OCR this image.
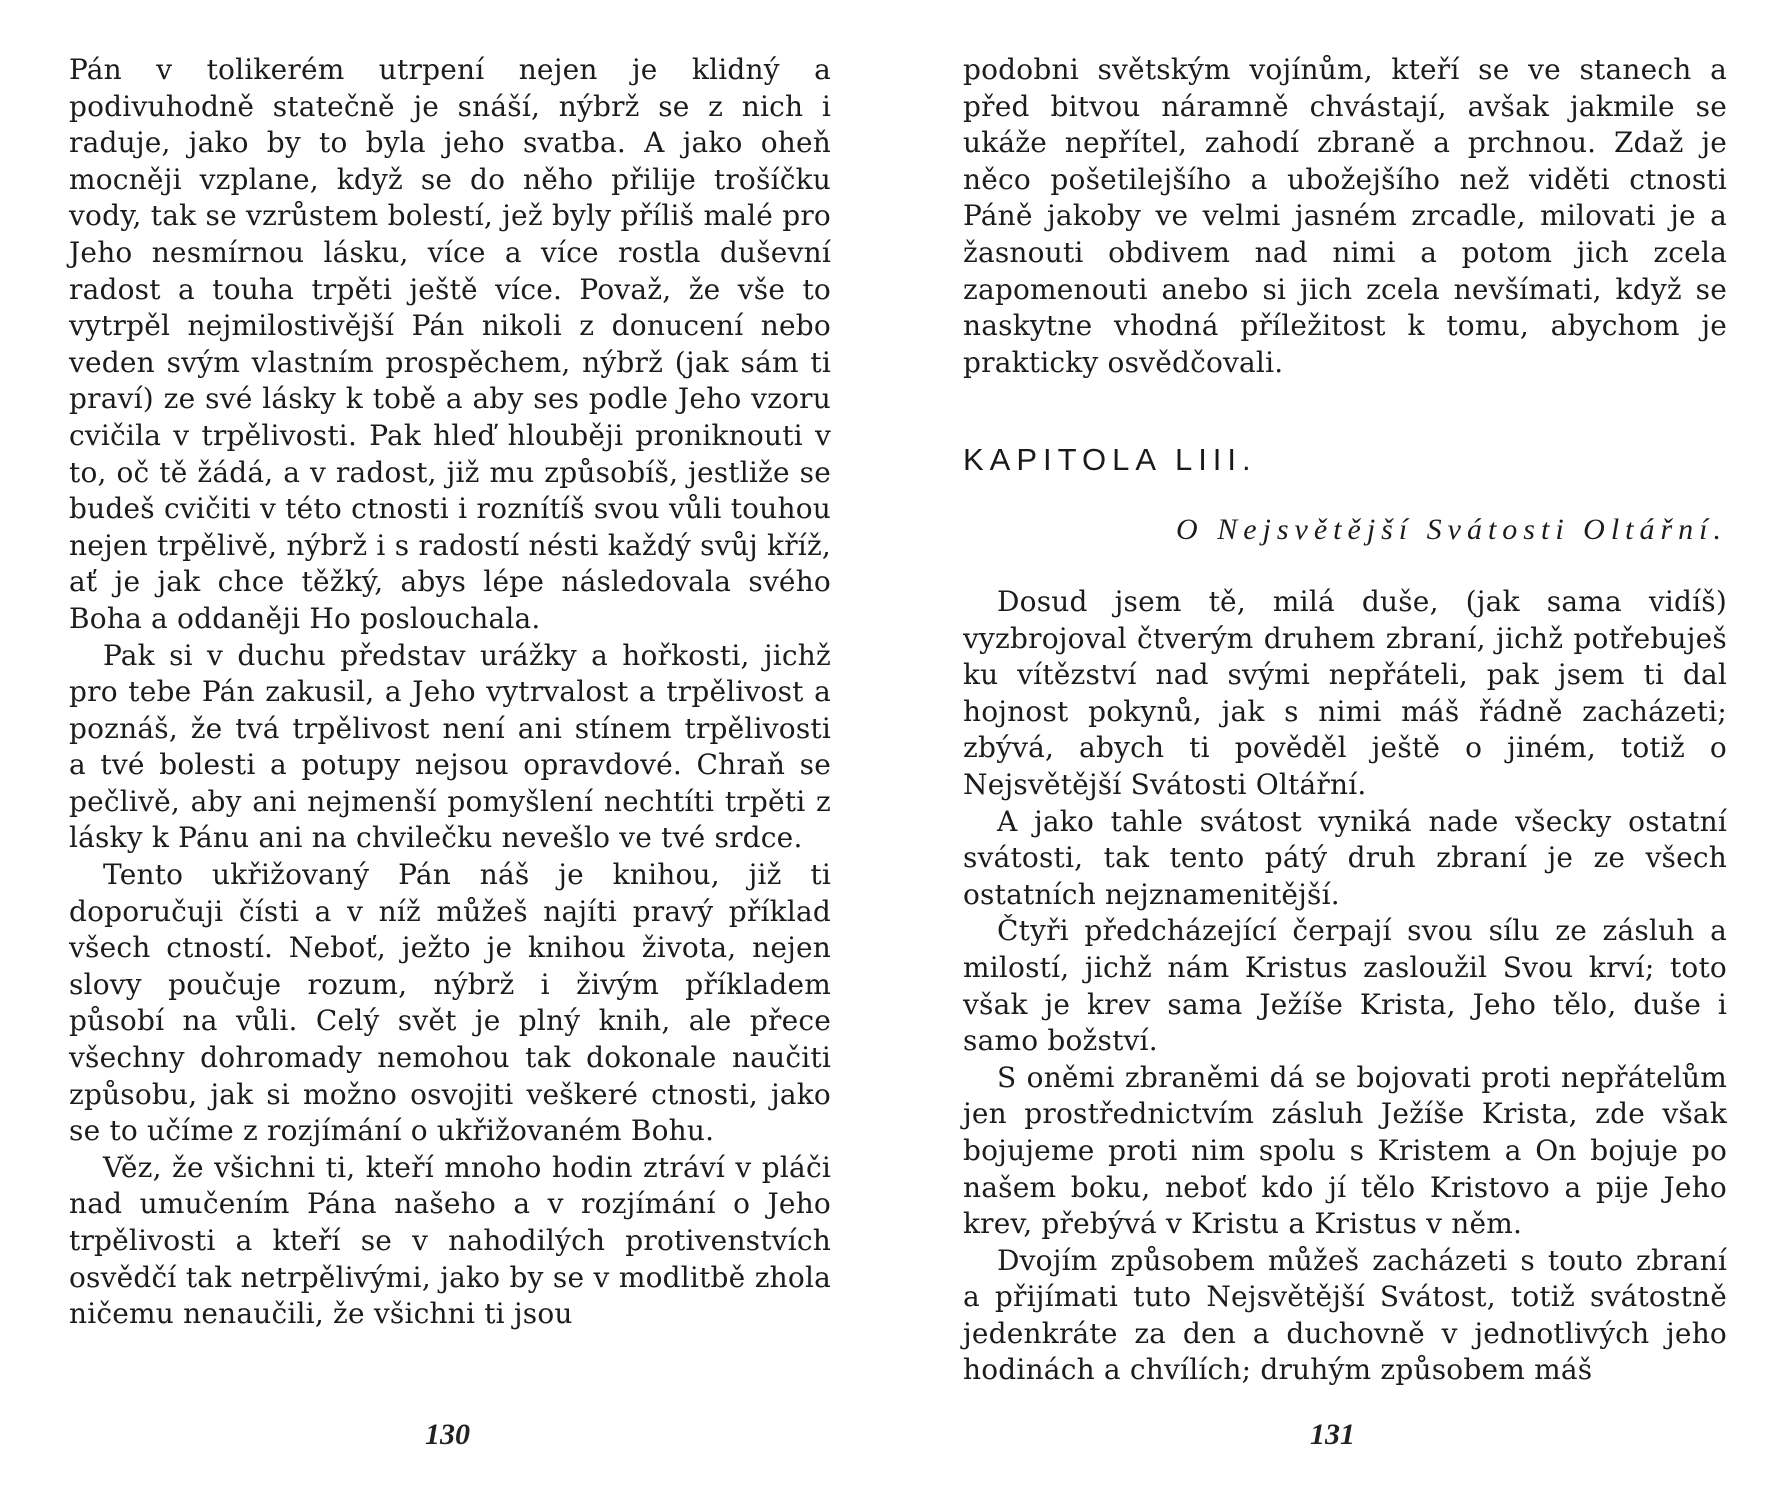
Pán v tolikerém utrpení nejen je klidný a podivuhodně statečně je snáší, nýbrž se z nich i raduje, jako by to byla jeho svatba. A jako oheň mocněji vzplane, když se do něho přilije trošíčku vody, tak se vzrůstem bolestí, jež byly příliš malé pro Jeho nesmírnou lásku, více a více rostla duševní radost a touha trpěti ještě více. Považ, že vše to vytrpěl nejmilostivější Pán nikoli z donucení nebo veden svým vlastním prospěchem, nýbrž (jak sám ti praví) ze své lásky k tobě a aby ses podle Jeho vzoru cvičila v trpělivosti. Pak hleď hlouběji proniknouti v to, oč tě žádá, a v radost, již mu způsobíš, jestliže se budeš cvičiti v této ctnosti i roznítíš svou vůli touhou nejen trpělivě, nýbrž i s radostí nésti každý svůj kříž, ať je jak chce těžký, abys lépe následovala svého Boha a oddaněji Ho poslouchala.

Pak si v duchu představ urážky a hořkosti, jichž pro tebe Pán zakusil, a Jeho vytrvalost a trpělivost a poznáš, že tvá trpělivost není ani stínem trpělivosti a tvé bolesti a potupy nejsou opravdové. Chraň se pečlivě, aby ani nejmenší pomyšlení nechtíti trpěti z lásky k Pánu ani na chvilečku nevešlo ve tvé srdce.

Tento ukřižovaný Pán náš je knihou, již ti doporučuji čísti a v níž můžeš najíti pravý příklad všech ctností. Neboť, ježto je knihou života, nejen slovy poučuje rozum, nýbrž i živým příkladem působí na vůli. Celý svět je plný knih, ale přece všechny dohromady nemohou tak dokonale naučiti způsobu, jak si možno osvojiti veškeré ctnosti, jako se to učíme z rozjímání o ukřižovaném Bohu.

Věz, že všichni ti, kteří mnoho hodin ztráví v pláči nad umučením Pána našeho a v rozjímání o Jeho trpělivosti a kteří se v nahodilých protivenstvích osvědčí tak netrpělivými, jako by se v modlitbě zhola ničemu nenaučili, že všichni ti jsou

130

podobni světským vojínům, kteří se ve stanech a před bitvou náramně chvástají, avšak jakmile se ukáže nepřítel, zahodí zbraně a prchnou. Zdaž je něco pošetilejšího a ubožejšího než viděti ctnosti Páně jakoby ve velmi jasném zrcadle, milovati je a žasnouti obdivem nad nimi a potom jich zcela zapomenouti anebo si jich zcela nevšímati, když se naskytne vhodná příležitost k tomu, abychom je prakticky osvědčovali.

KAPITOLA LIII.
O Nejsvětější Svátosti Oltářní.

Dosud jsem tě, milá duše, (jak sama vidíš) vyzbrojoval čtverým druhem zbraní, jichž potřebuješ ku vítězství nad svými nepřáteli, pak jsem ti dal hojnost pokynů, jak s nimi máš řádně zacházeti; zbývá, abych ti pověděl ještě o jiném, totiž o Nejsvětější Svátosti Oltářní.

A jako tahle svátost vyniká nade všecky ostatní svátosti, tak tento pátý druh zbraní je ze všech ostatních nejznamenitější.

Čtyři předcházející čerpají svou sílu ze zásluh a milostí, jichž nám Kristus zasloužil Svou krví; toto však je krev sama Ježíše Krista, Jeho tělo, duše i samo božství.

S oněmi zbraněmi dá se bojovati proti nepřátelům jen prostřednictvím zásluh Ježíše Krista, zde však bojujeme proti nim spolu s Kristem a On bojuje po našem boku, neboť kdo jí tělo Kristovo a pije Jeho krev, přebývá v Kristu a Kristus v něm.

Dvojím způsobem můžeš zacházeti s touto zbraní a přijímati tuto Nejsvětější Svátost, totiž svátostně jedenkráte za den a duchovně v jednotlivých jeho hodinách a chvílích; druhým způsobem máš

131
